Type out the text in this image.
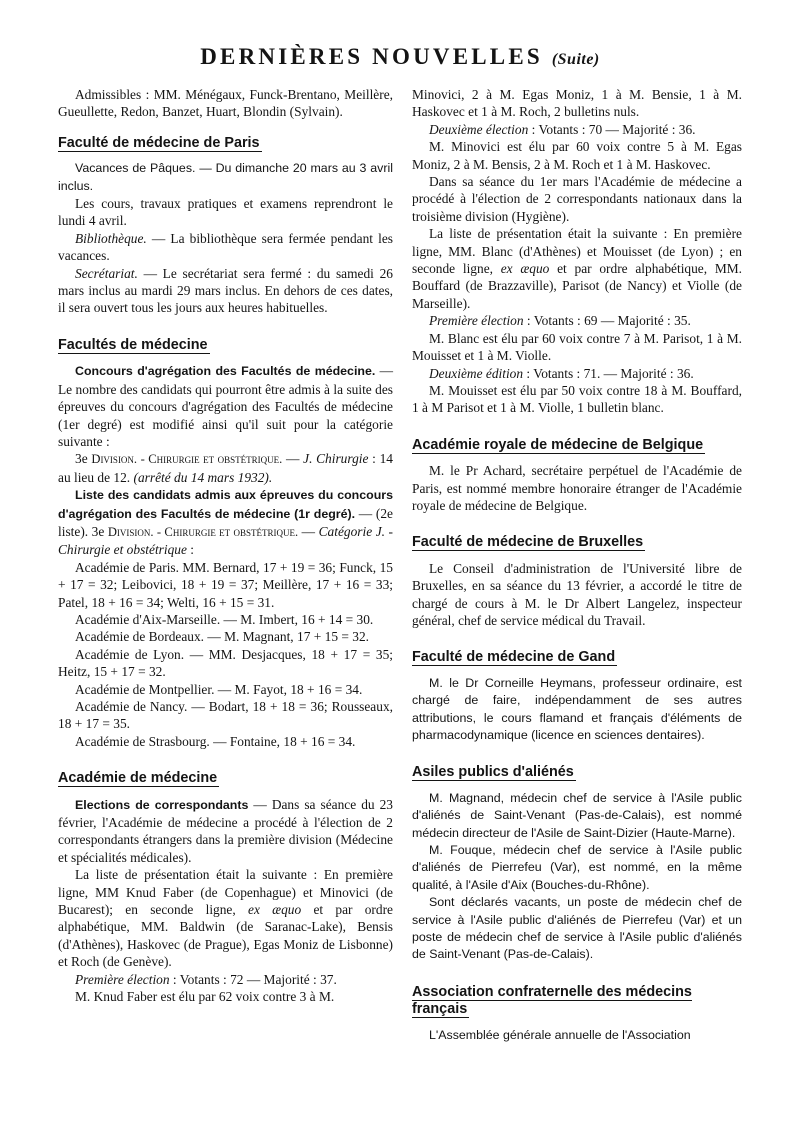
DERNIÈRES NOUVELLES (Suite)

Admissibles : MM. Ménégaux, Funck-Brentano, Meillère, Gueullette, Redon, Banzet, Huart, Blondin (Sylvain).

Faculté de médecine de Paris

Vacances de Pâques. — Du dimanche 20 mars au 3 avril inclus.

Les cours, travaux pratiques et examens reprendront le lundi 4 avril.

Bibliothèque. — La bibliothèque sera fermée pendant les vacances.

Secrétariat. — Le secrétariat sera fermé : du samedi 26 mars inclus au mardi 29 mars inclus. En dehors de ces dates, il sera ouvert tous les jours aux heures habituelles.

Facultés de médecine

Concours d'agrégation des Facultés de médecine. — Le nombre des candidats qui pourront être admis à la suite des épreuves du concours d'agrégation des Facultés de médecine (1er degré) est modifié ainsi qu'il suit pour la catégorie suivante :

3e Division. - Chirurgie et obstétrique. — J. Chirurgie : 14 au lieu de 12. (arrêté du 14 mars 1932).

Liste des candidats admis aux épreuves du concours d'agrégation des Facultés de médecine (1r degré). — (2e liste). 3e Division. - Chirurgie et obstétrique. — Catégorie J. - Chirurgie et obstétrique :

Académie de Paris. MM. Bernard, 17 + 19 = 36; Funck, 15 + 17 = 32; Leibovici, 18 + 19 = 37; Meillère, 17 + 16 = 33; Patel, 18 + 16 = 34; Welti, 16 + 15 = 31.

Académie d'Aix-Marseille. — M. Imbert, 16 + 14 = 30.

Académie de Bordeaux. — M. Magnant, 17 + 15 = 32.

Académie de Lyon. — MM. Desjacques, 18 + 17 = 35; Heitz, 15 + 17 = 32.

Académie de Montpellier. — M. Fayot, 18 + 16 = 34.

Académie de Nancy. — Bodart, 18 + 18 = 36; Rousseaux, 18 + 17 = 35.

Académie de Strasbourg. — Fontaine, 18 + 16 = 34.

Académie de médecine

Elections de correspondants — Dans sa séance du 23 février, l'Académie de médecine a procédé à l'élection de 2 correspondants étrangers dans la première division (Médecine et spécialités médicales).

La liste de présentation était la suivante : En première ligne, MM Knud Faber (de Copenhague) et Minovici (de Bucarest); en seconde ligne, ex æquo et par ordre alphabétique, MM. Baldwin (de Saranac-Lake), Bensis (d'Athènes), Haskovec (de Prague), Egas Moniz de Lisbonne) et Roch (de Genève).

Première élection : Votants : 72 — Majorité : 37.

M. Knud Faber est élu par 62 voix contre 3 à M.

Minovici, 2 à M. Egas Moniz, 1 à M. Bensie, 1 à M. Haskovec et 1 à M. Roch, 2 bulletins nuls.

Deuxième élection : Votants : 70 — Majorité : 36.

M. Minovici est élu par 60 voix contre 5 à M. Egas Moniz, 2 à M. Bensis, 2 à M. Roch et 1 à M. Haskovec.

Dans sa séance du 1er mars l'Académie de médecine a procédé à l'élection de 2 correspondants nationaux dans la troisième division (Hygiène).

La liste de présentation était la suivante : En première ligne, MM. Blanc (d'Athènes) et Mouisset (de Lyon) ; en seconde ligne, ex æquo et par ordre alphabétique, MM. Bouffard (de Brazzaville), Parisot (de Nancy) et Violle (de Marseille).

Première élection : Votants : 69 — Majorité : 35.

M. Blanc est élu par 60 voix contre 7 à M. Parisot, 1 à M. Mouisset et 1 à M. Violle.

Deuxième édition : Votants : 71. — Majorité : 36.

M. Mouisset est élu par 50 voix contre 18 à M. Bouffard, 1 à M Parisot et 1 à M. Violle, 1 bulletin blanc.

Académie royale de médecine de Belgique

M. le Pr Achard, secrétaire perpétuel de l'Académie de Paris, est nommé membre honoraire étranger de l'Académie royale de médecine de Belgique.

Faculté de médecine de Bruxelles

Le Conseil d'administration de l'Université libre de Bruxelles, en sa séance du 13 février, a accordé le titre de chargé de cours à M. le Dr Albert Langelez, inspecteur général, chef de service médical du Travail.

Faculté de médecine de Gand

M. le Dr Corneille Heymans, professeur ordinaire, est chargé de faire, indépendamment de ses autres attributions, le cours flamand et français d'éléments de pharmacodynamique (licence en sciences dentaires).

Asiles publics d'aliénés

M. Magnand, médecin chef de service à l'Asile public d'aliénés de Saint-Venant (Pas-de-Calais), est nommé médecin directeur de l'Asile de Saint-Dizier (Haute-Marne).

M. Fouque, médecin chef de service à l'Asile public d'aliénés de Pierrefeu (Var), est nommé, en la même qualité, à l'Asile d'Aix (Bouches-du-Rhône).

Sont déclarés vacants, un poste de médecin chef de service à l'Asile public d'aliénés de Pierrefeu (Var) et un poste de médecin chef de service à l'Asile public d'aliénés de Saint-Venant (Pas-de-Calais).

Association confraternelle des médecins français

L'Assemblée générale annuelle de l'Association
